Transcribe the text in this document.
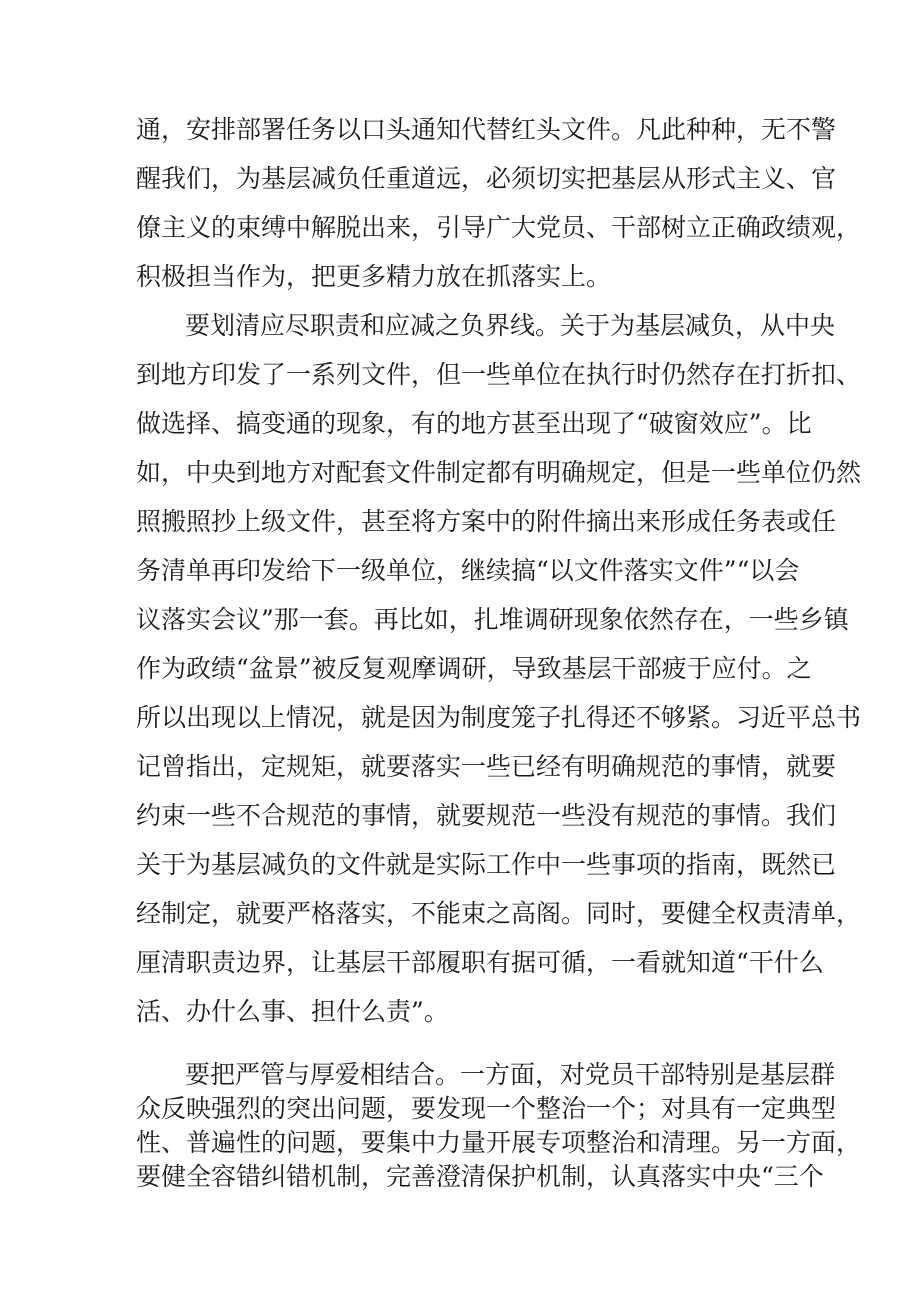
通，安排部署任务以口头通知代替红头文件。凡此种种，无不警
醒我们，为基层减负任重道远，必须切实把基层从形式主义、官
僚主义的束缚中解脱出来，引导广大党员、干部树立正确政绩观，
积极担当作为，把更多精力放在抓落实上。
要划清应尽职责和应减之负界线。关于为基层减负，从中央
到地方印发了一系列文件，但一些单位在执行时仍然存在打折扣、
做选择、搞变通的现象，有的地方甚至出现了“破窗效应”。比
如，中央到地方对配套文件制定都有明确规定，但是一些单位仍然
照搬照抄上级文件，甚至将方案中的附件摘出来形成任务表或任
务清单再印发给下一级单位，继续搞“以文件落实文件”“以会
议落实会议”那一套。再比如，扎堆调研现象依然存在，一些乡镇
作为政绩“盆景”被反复观摩调研，导致基层干部疲于应付。之
所以出现以上情况，就是因为制度笼子扎得还不够紧。习近平总书
记曾指出，定规矩，就要落实一些已经有明确规范的事情，就要
约束一些不合规范的事情，就要规范一些没有规范的事情。我们
关于为基层减负的文件就是实际工作中一些事项的指南，既然已
经制定，就要严格落实，不能束之高阁。同时，要健全权责清单，
厘清职责边界，让基层干部履职有据可循，一看就知道“干什么
活、办什么事、担什么责”。
要把严管与厚爱相结合。一方面，对党员干部特别是基层群
众反映强烈的突出问题，要发现一个整治一个；对具有一定典型
性、普遍性的问题，要集中力量开展专项整治和清理。另一方面，
要健全容错纠错机制，完善澄清保护机制，认真落实中央“三个
